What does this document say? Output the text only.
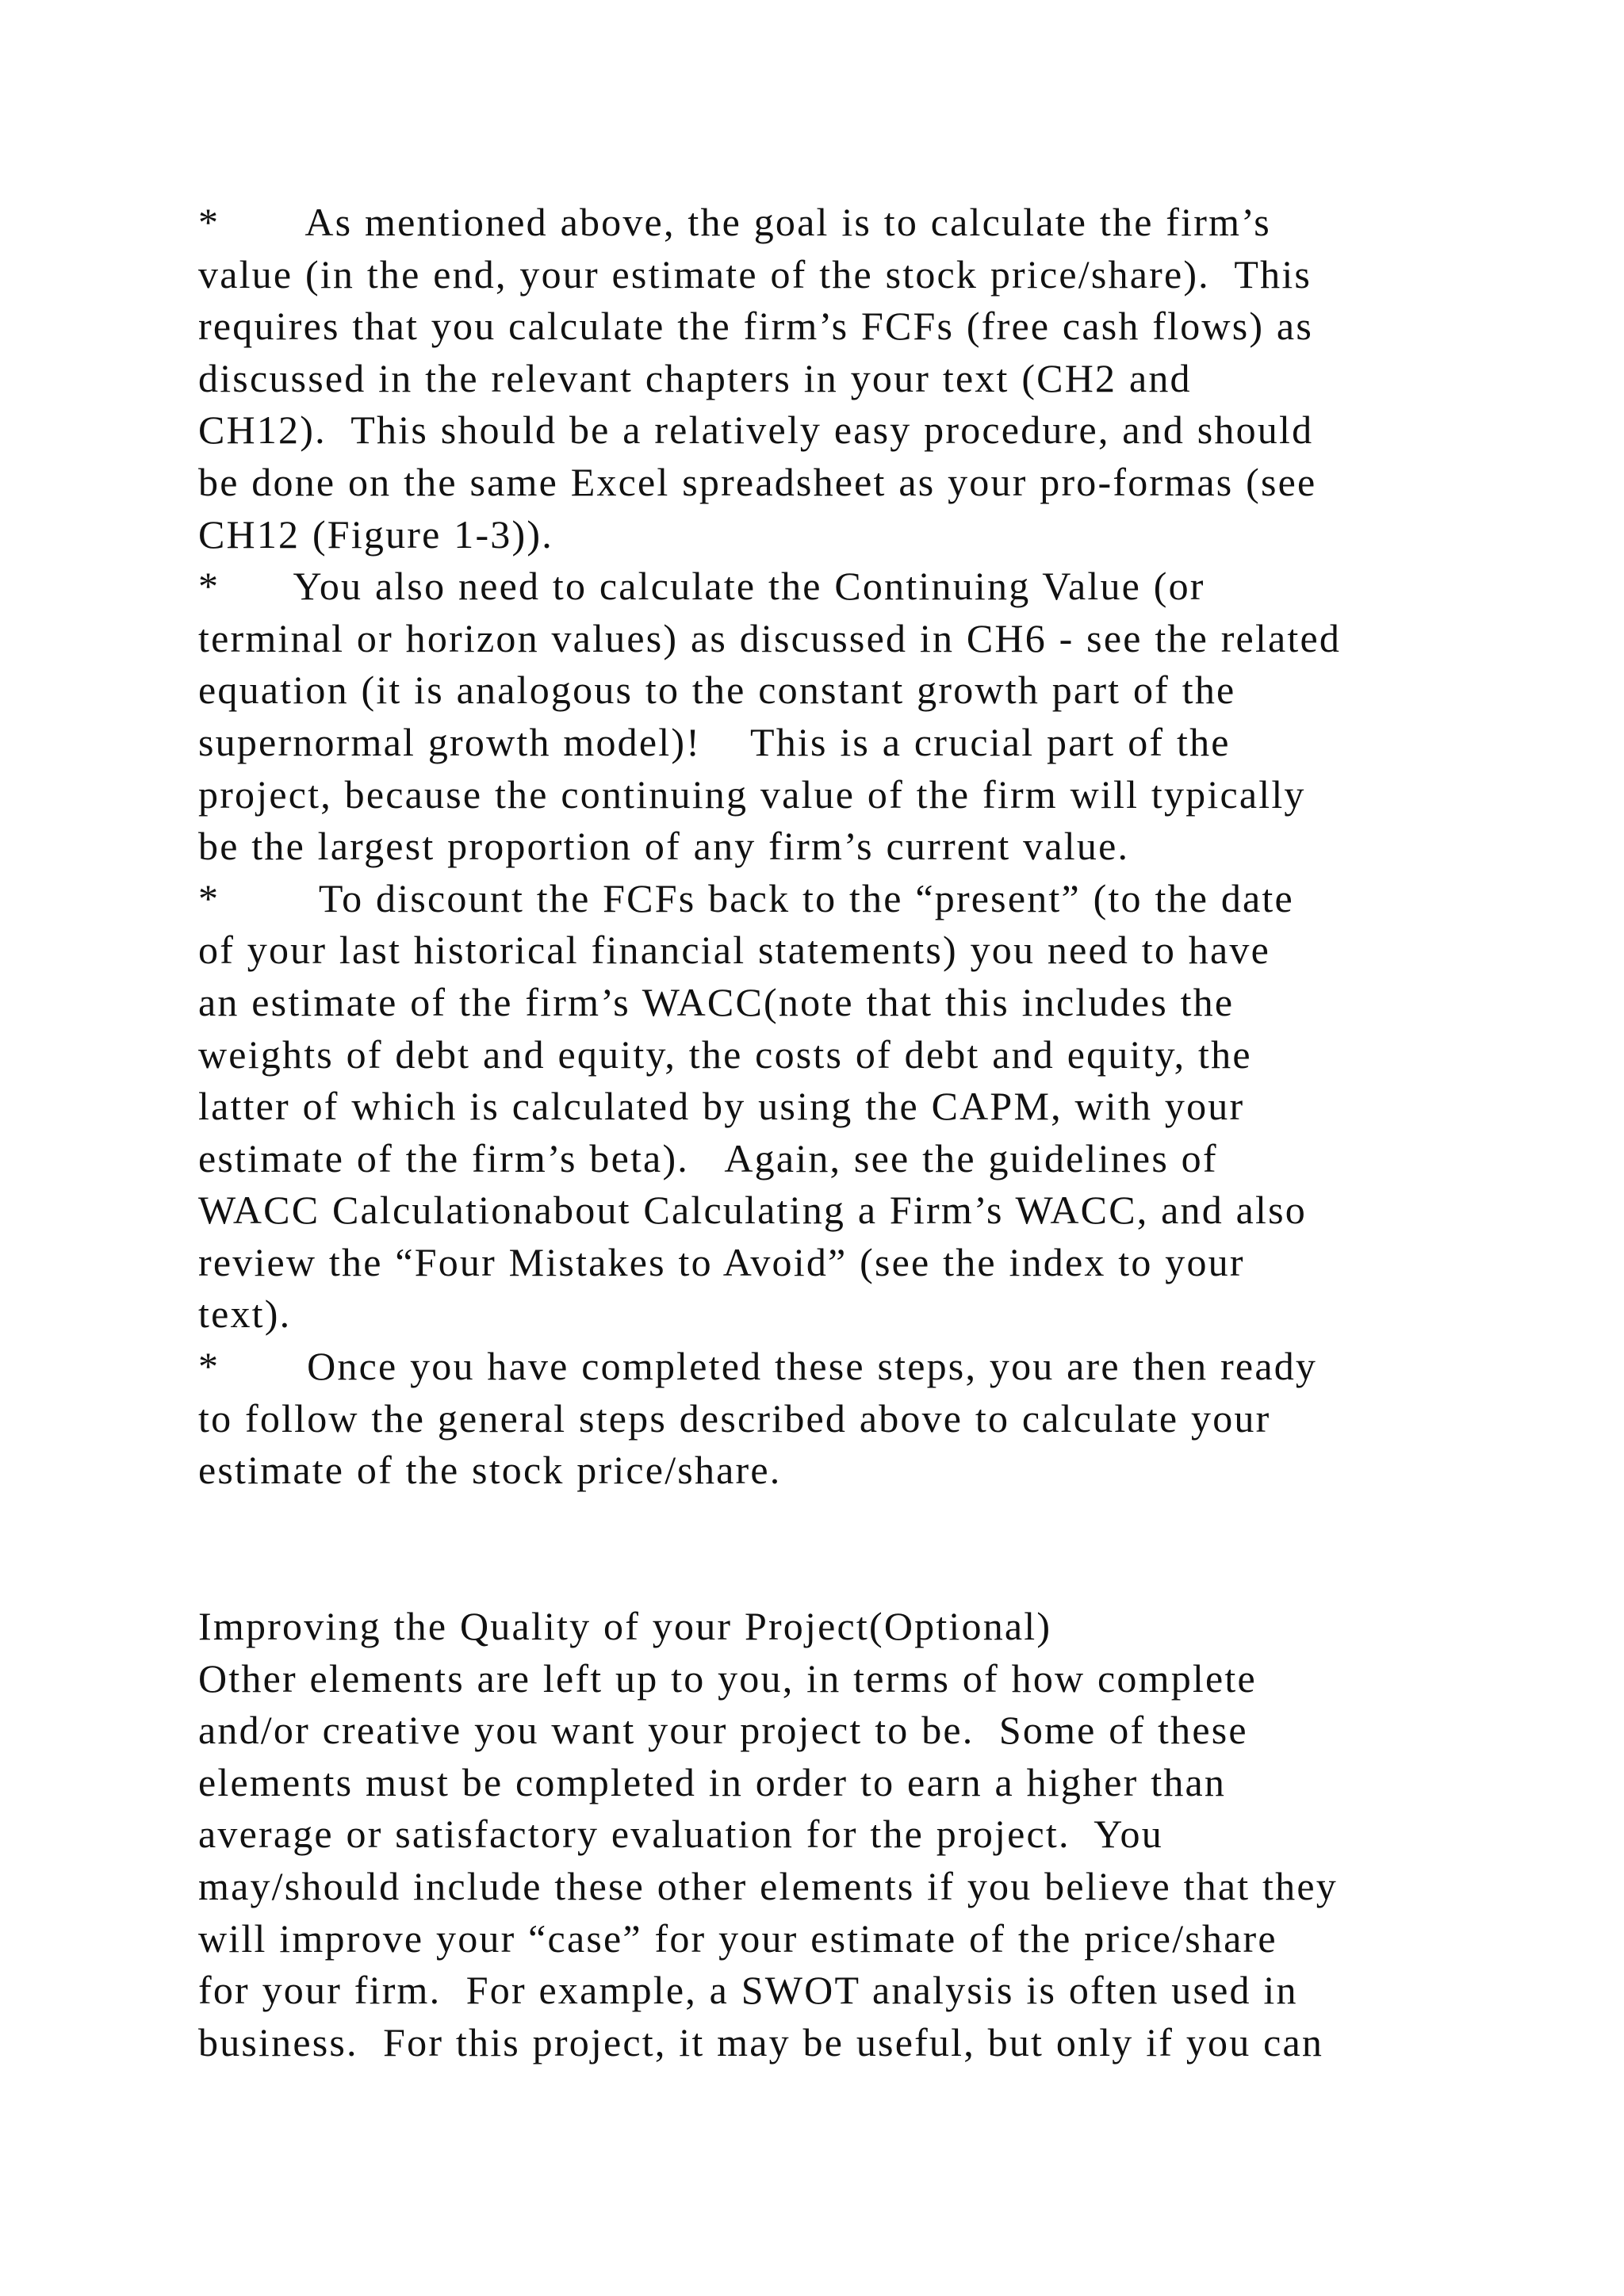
*       As mentioned above, the goal is to calculate the firm’s
value (in the end, your estimate of the stock price/share).  This
requires that you calculate the firm’s FCFs (free cash flows) as
discussed in the relevant chapters in your text (CH2 and
CH12).  This should be a relatively easy procedure, and should
be done on the same Excel spreadsheet as your pro-formas (see
CH12 (Figure 1-3)).
*      You also need to calculate the Continuing Value (or
terminal or horizon values) as discussed in CH6 - see the related
equation (it is analogous to the constant growth part of the
supernormal growth model)!    This is a crucial part of the
project, because the continuing value of the firm will typically
be the largest proportion of any firm’s current value.
*        To discount the FCFs back to the “present” (to the date
of your last historical financial statements) you need to have
an estimate of the firm’s WACC(note that this includes the
weights of debt and equity, the costs of debt and equity, the
latter of which is calculated by using the CAPM, with your
estimate of the firm’s beta).   Again, see the guidelines of
WACC Calculationabout Calculating a Firm’s WACC, and also
review the “Four Mistakes to Avoid” (see the index to your
text).
*       Once you have completed these steps, you are then ready
to follow the general steps described above to calculate your
estimate of the stock price/share.
Improving the Quality of your Project(Optional)
Other elements are left up to you, in terms of how complete
and/or creative you want your project to be.  Some of these
elements must be completed in order to earn a higher than
average or satisfactory evaluation for the project.  You
may/should include these other elements if you believe that they
will improve your “case” for your estimate of the price/share
for your firm.  For example, a SWOT analysis is often used in
business.  For this project, it may be useful, but only if you can
